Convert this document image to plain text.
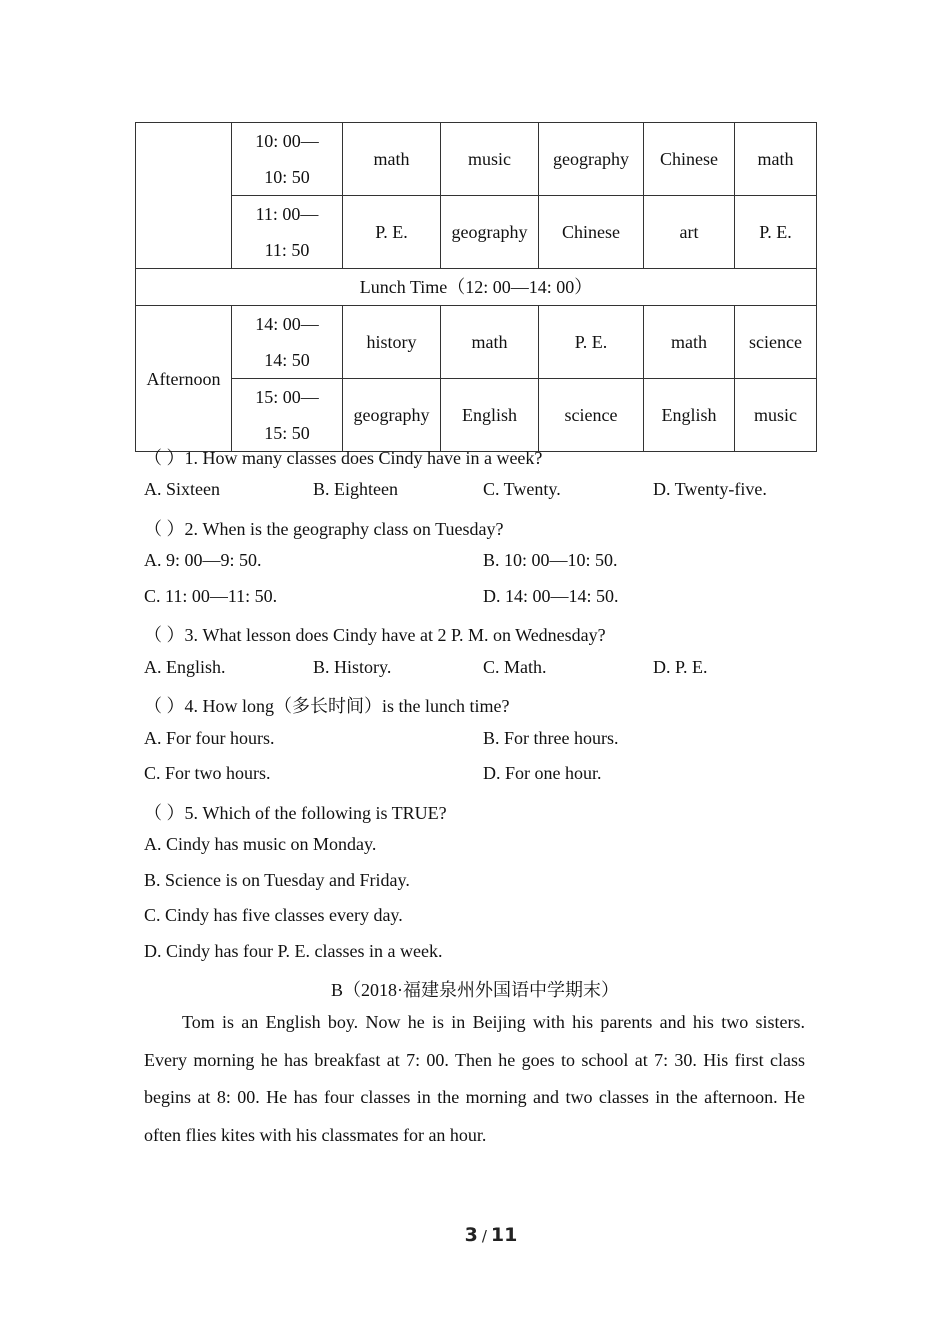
	10: 00—
10: 50	math	music	geography	Chinese	math
	11: 00—
11: 50	P. E.	geography	Chinese	art	P. E.
Lunch Time（12: 00—14: 00）						
Afternoon	14: 00—
14: 50	history	math	P. E.	math	science
	15: 00—
15: 50	geography	English	science	English	music
（ ）1. How many classes does Cindy have in a week?
A. Sixteen	B. Eighteen	C. Twenty.	D. Twenty-five.
（ ）2. When is the geography class on Tuesday?
A. 9: 00—9: 50.	B. 10: 00—10: 50.
C. 11: 00—11: 50.	D. 14: 00—14: 50.
（ ）3. What lesson does Cindy have at 2 P. M. on Wednesday?
A. English.	B. History.	C. Math.	D. P. E.
（ ）4. How long（多长时间）is the lunch time?
A. For four hours.	B. For three hours.
C. For two hours.	D. For one hour.
（ ）5. Which of the following is TRUE?
A. Cindy has music on Monday.
B. Science is on Tuesday and Friday.
C. Cindy has five classes every day.
D. Cindy has four P. E. classes in a week.
B（2018·福建泉州外国语中学期末）
Tom is an English boy. Now he is in Beijing with his parents and his two sisters. Every morning he has breakfast at 7: 00. Then he goes to school at 7: 30. His first class begins at 8: 00. He has four classes in the morning and two classes in the afternoon. He often flies kites with his classmates for an hour.
3 / 11
